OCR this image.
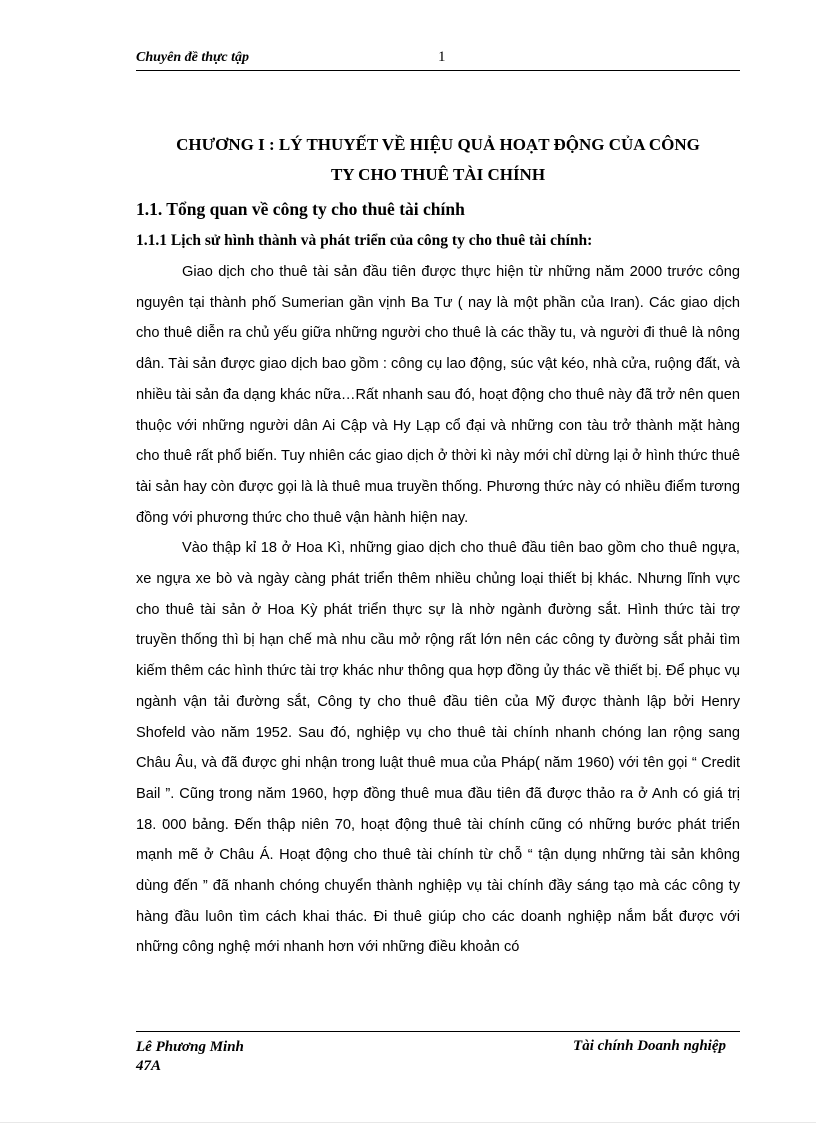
Chuyên đề thực tập	1
CHƯƠNG I : LÝ THUYẾT VỀ HIỆU QUẢ HOẠT ĐỘNG CỦA CÔNG
TY CHO THUÊ TÀI CHÍNH
1.1. Tổng quan về công ty cho thuê tài chính
1.1.1 Lịch sử hình thành và phát triển của công ty cho thuê tài chính:

Giao dịch cho thuê tài sản đầu tiên được thực hiện từ những năm 2000 trước công nguyên tại thành phố Sumerian gần vịnh Ba Tư ( nay là một phần của Iran). Các giao dịch cho thuê diễn ra chủ yếu giữa những người cho thuê là các thầy tu, và người đi thuê là nông dân. Tài sản được giao dịch bao gồm : công cụ lao động, súc vật kéo, nhà cửa, ruộng đất, và nhiều tài sản đa dạng khác nữa…Rất nhanh sau đó, hoạt động cho thuê này đã trở nên quen thuộc với những người dân Ai Cập và Hy Lạp cổ đại và những con tàu trở thành mặt hàng cho thuê rất phổ biến. Tuy nhiên các giao dịch ở thời kì này mới chỉ dừng lại ở hình thức thuê tài sản hay còn được gọi là là thuê mua truyền thống. Phương thức này có nhiều điểm tương đồng với phương thức cho thuê vận hành hiện nay.

Vào thập kỉ 18 ở Hoa Kì, những giao dịch cho thuê đầu tiên bao gồm cho thuê ngựa, xe ngựa xe bò và ngày càng phát triển thêm nhiều chủng loại thiết bị khác. Nhưng lĩnh vực cho thuê tài sản ở Hoa Kỳ phát triển thực sự là nhờ ngành đường sắt. Hình thức tài trợ truyền thống thì bị hạn chế mà nhu cầu mở rộng rất lớn nên các công ty đường sắt phải tìm kiếm thêm các hình thức tài trợ khác như thông qua hợp đồng ủy thác về thiết bị. Để phục vụ ngành vận tải đường sắt, Công ty cho thuê đầu tiên của Mỹ được thành lập bởi Henry Shofeld vào năm 1952. Sau đó, nghiệp vụ cho thuê tài chính nhanh chóng lan rộng sang Châu Âu, và đã được ghi nhận trong luật thuê mua của Pháp( năm 1960) với tên gọi “ Credit Bail ”. Cũng trong năm 1960, hợp đồng thuê mua đầu tiên đã được thảo ra ở Anh có giá trị 18. 000 bảng. Đến thập niên 70, hoạt động thuê tài chính cũng có những bước phát triển mạnh mẽ ở Châu Á. Hoạt động cho thuê tài chính từ chỗ “ tận dụng những tài sản không dùng đến ” đã nhanh chóng chuyển thành nghiệp vụ tài chính đầy sáng tạo mà các công ty hàng đầu luôn tìm cách khai thác. Đi thuê giúp cho các doanh nghiệp nắm bắt được với những công nghệ mới nhanh hơn với những điều khoản có

Lê Phương Minh
47A
Tài chính Doanh nghiệp
